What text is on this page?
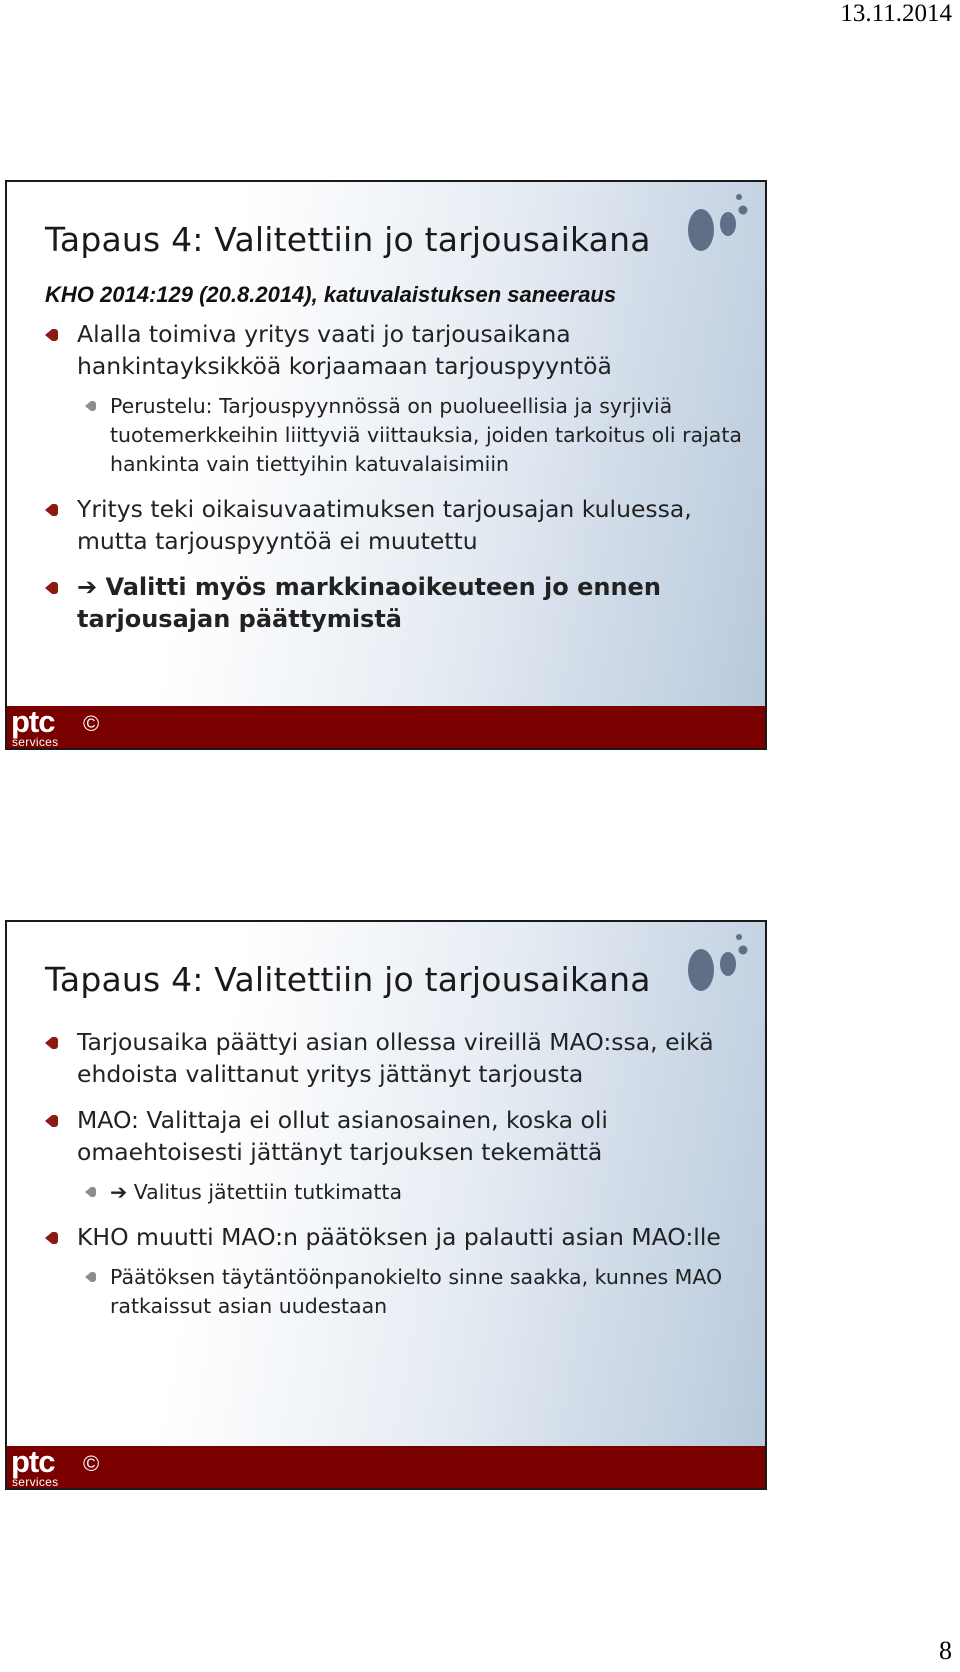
13.11.2014
Tapaus 4: Valitettiin jo tarjousaikana
KHO 2014:129 (20.8.2014), katuvalaistuksen saneeraus
Alalla toimiva yritys vaati jo tarjousaikana hankintayksikköä korjaamaan tarjouspyyntöä
Perustelu: Tarjouspyynnössä on puolueellisia ja syrjiviä tuotemerkkeihin liittyviä viittauksia, joiden tarkoitus oli rajata hankinta vain tiettyihin katuvalaisimiin
Yritys teki oikaisuvaatimuksen tarjousajan kuluessa, mutta tarjouspyyntöä ei muutettu
➔ Valitti myös markkinaoikeuteen jo ennen tarjousajan päättymistä
ptc
services
©
Tapaus 4: Valitettiin jo tarjousaikana
Tarjousaika päättyi asian ollessa vireillä MAO:ssa, eikä ehdoista valittanut yritys jättänyt tarjousta
MAO: Valittaja ei ollut asianosainen, koska oli omaehtoisesti jättänyt tarjouksen tekemättä
➔ Valitus jätettiin tutkimatta
KHO muutti MAO:n päätöksen ja palautti asian MAO:lle
Päätöksen täytäntöönpanokielto sinne saakka, kunnes MAO ratkaissut asian uudestaan
ptc
services
©
8
